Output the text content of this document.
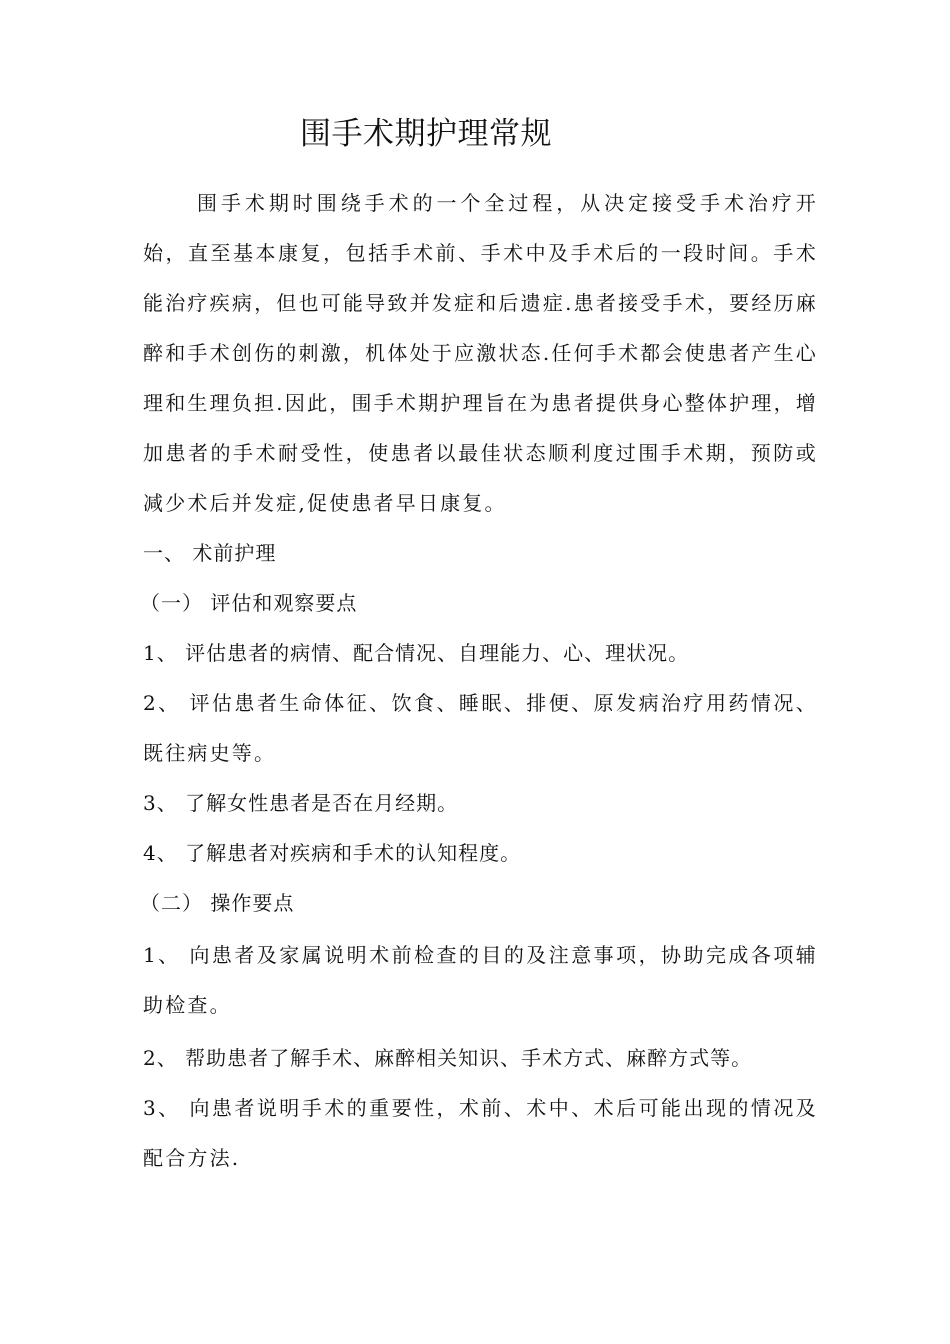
围手术期护理常规
围手术期时围绕手术的一个全过程，从决定接受手术治疗开始，直至基本康复，包括手术前、手术中及手术后的一段时间。手术能治疗疾病，但也可能导致并发症和后遗症.患者接受手术，要经历麻醉和手术创伤的刺激，机体处于应激状态.任何手术都会使患者产生心理和生理负担.因此，围手术期护理旨在为患者提供身心整体护理，增加患者的手术耐受性，使患者以最佳状态顺利度过围手术期，预防或减少术后并发症,促使患者早日康复。
一、 术前护理
（一） 评估和观察要点
1、 评估患者的病情、配合情况、自理能力、心、理状况。
2、 评估患者生命体征、饮食、睡眠、排便、原发病治疗用药情况、既往病史等。
3、 了解女性患者是否在月经期。
4、 了解患者对疾病和手术的认知程度。
（二） 操作要点
1、 向患者及家属说明术前检查的目的及注意事项，协助完成各项辅助检查。
2、 帮助患者了解手术、麻醉相关知识、手术方式、麻醉方式等。
3、 向患者说明手术的重要性，术前、术中、术后可能出现的情况及配合方法.
